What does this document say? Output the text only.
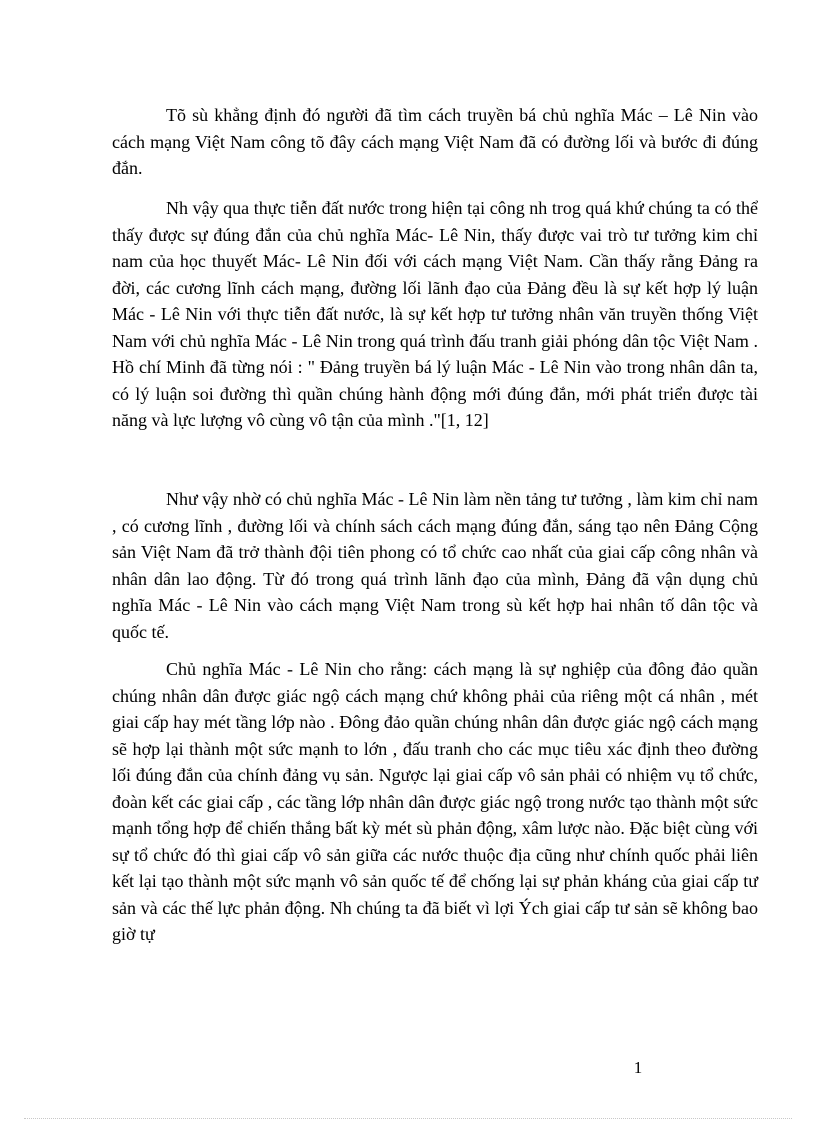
Tõ sù khẳng định đó người đã tìm cách truyền bá chủ nghĩa Mác – Lê Nin vào cách mạng Việt Nam công tõ đây cách mạng Việt Nam đã có đường lối và bước đi đúng đắn.

Nh vậy qua thực tiễn đất nước trong hiện tại công nh trog quá khứ chúng ta có thể thấy được sự đúng đắn của chủ nghĩa Mác- Lê Nin, thấy được vai trò tư tưởng kim chỉ nam của học thuyết Mác- Lê Nin đối với cách mạng Việt Nam. Cần thấy rằng Đảng ra đời, các cương lĩnh cách mạng, đường lối lãnh đạo của Đảng đều là sự kết hợp lý luận Mác - Lê Nin với thực tiễn đất nước, là sự kết hợp tư tưởng nhân văn truyền thống Việt Nam với chủ nghĩa Mác - Lê Nin trong quá trình đấu tranh giải phóng dân tộc Việt Nam . Hồ chí Minh đã từng nói : " Đảng truyền bá lý luận Mác - Lê Nin vào trong nhân dân ta, có lý luận soi đường thì quần chúng hành động mới đúng đắn, mới phát triển được tài năng và lực lượng vô cùng vô tận của mình ."[1, 12]

Như vậy nhờ có chủ nghĩa Mác - Lê Nin làm nền tảng tư tưởng , làm kim chỉ nam , có cương lĩnh , đường lối và chính sách cách mạng đúng đắn, sáng tạo nên Đảng Cộng sản Việt Nam đã trở thành đội tiên phong có tổ chức cao nhất của giai cấp công nhân và nhân dân lao động. Từ đó trong quá trình lãnh đạo của mình, Đảng đã vận dụng chủ nghĩa Mác - Lê Nin vào cách mạng Việt Nam trong sù kết hợp hai nhân tố dân tộc và quốc tế.

Chủ nghĩa Mác - Lê Nin cho rằng: cách mạng là sự nghiệp của đông đảo quần chúng nhân dân được giác ngộ cách mạng chứ không phải của riêng một cá nhân , mét giai cấp hay mét tầng lớp nào . Đông đảo quần chúng nhân dân được giác ngộ cách mạng sẽ hợp lại thành một sức mạnh to lớn , đấu tranh cho các mục tiêu xác định theo đường lối đúng đắn của chính đảng vụ sản. Ngược lại giai cấp vô sản phải có nhiệm vụ tổ chức, đoàn kết các giai cấp , các tầng lớp nhân dân được giác ngộ trong nước tạo thành một sức mạnh tổng hợp để chiến thắng bất kỳ mét sù phản động, xâm lược nào. Đặc biệt cùng với sự tổ chức đó thì giai cấp vô sản giữa các nước thuộc địa cũng như chính quốc phải liên kết lại tạo thành một sức mạnh vô sản quốc tế để chống lại sự phản kháng của giai cấp tư sản và các thế lực phản động. Nh chúng ta đã biết vì lợi Ých giai cấp tư sản sẽ không bao giờ tự

1
